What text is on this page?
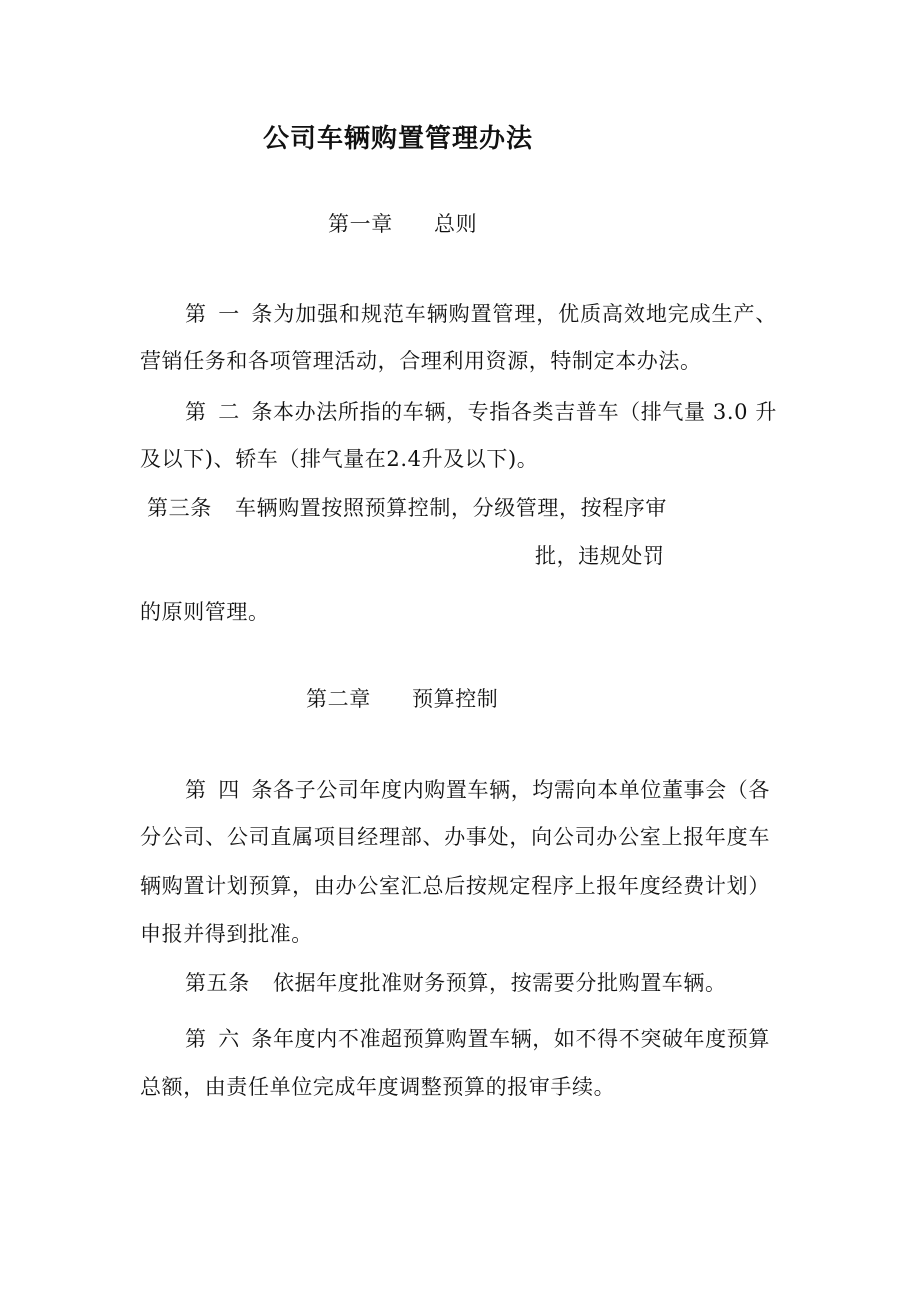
公司车辆购置管理办法
第一章 总则
第一条为加强和规范车辆购置管理，优质高效地完成生产、
营销任务和各项管理活动，合理利用资源，特制定本办法。
第二条本办法所指的车辆，专指各类吉普车（排气量 3.0 升
及以下)、轿车（排气量在2.4升及以下)。
第三条 车辆购置按照预算控制，分级管理，按程序审
批，违规处罚
的原则管理。
第二章 预算控制
第四条各子公司年度内购置车辆，均需向本单位董事会（各
分公司、公司直属项目经理部、办事处，向公司办公室上报年度车
辆购置计划预算，由办公室汇总后按规定程序上报年度经费计划）
申报并得到批准。
第五条 依据年度批准财务预算，按需要分批购置车辆。
第六条年度内不准超预算购置车辆，如不得不突破年度预算
总额，由责任单位完成年度调整预算的报审手续。
